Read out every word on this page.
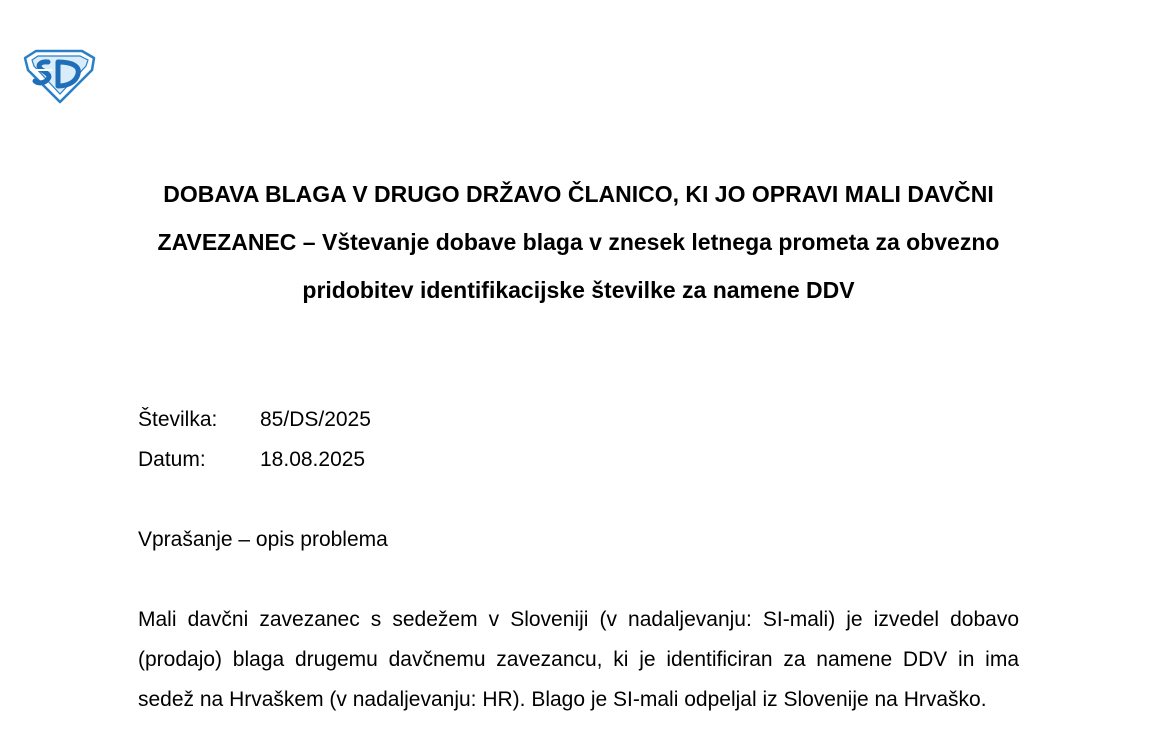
DOBAVA BLAGA V DRUGO DRŽAVO ČLANICO, KI JO OPRAVI MALI DAVČNI ZAVEZANEC – Vštevanje dobave blaga v znesek letnega prometa za obvezno pridobitev identifikacijske številke za namene DDV
Številka: 85/DS/2025
Datum:	18.08.2025
Vprašanje – opis problema
Mali davčni zavezanec s sedežem v Sloveniji (v nadaljevanju: SI-mali) je izvedel dobavo (prodajo) blaga drugemu davčnemu zavezancu, ki je identificiran za namene DDV in ima sedež na Hrvaškem (v nadaljevanju: HR). Blago je SI-mali odpeljal iz Slovenije na Hrvaško.
